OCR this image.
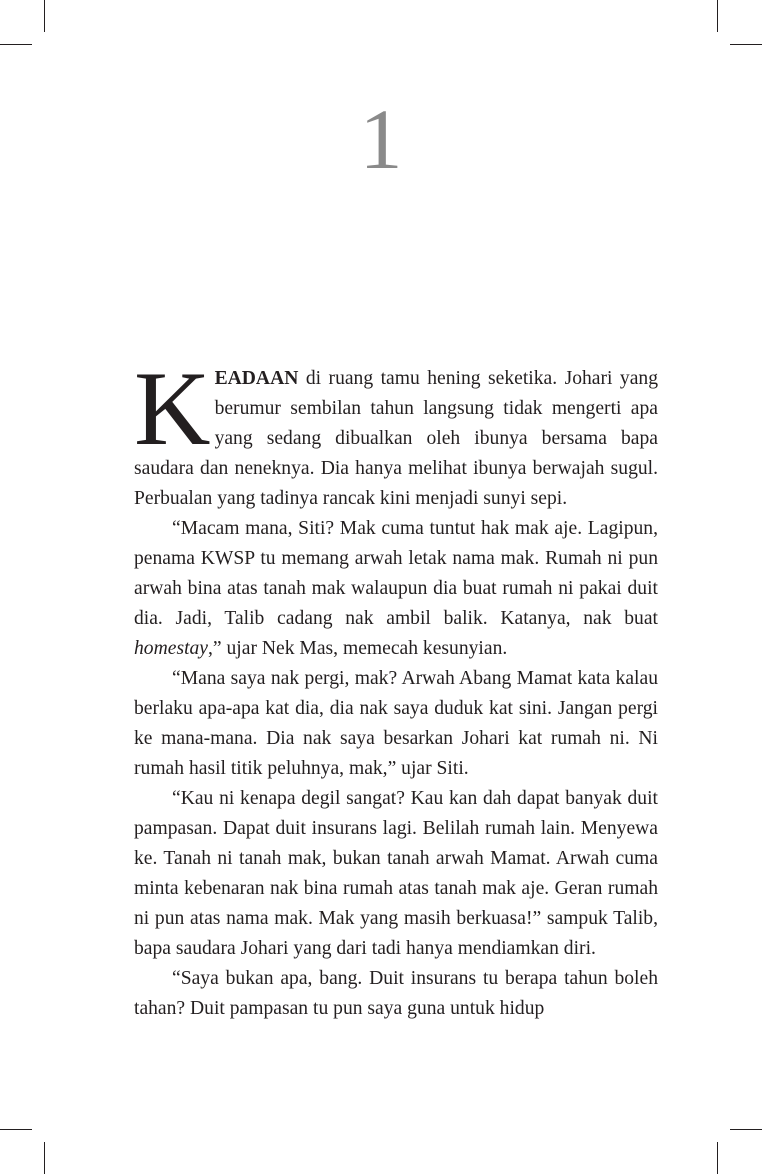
1

KEADAAN di ruang tamu hening seketika. Johari yang berumur sembilan tahun langsung tidak mengerti apa yang sedang dibualkan oleh ibunya bersama bapa saudara dan neneknya. Dia hanya melihat ibunya berwajah sugul. Perbualan yang tadinya rancak kini menjadi sunyi sepi.

“Macam mana, Siti? Mak cuma tuntut hak mak aje. Lagipun, penama KWSP tu memang arwah letak nama mak. Rumah ni pun arwah bina atas tanah mak walaupun dia buat rumah ni pakai duit dia. Jadi, Talib cadang nak ambil balik. Katanya, nak buat homestay,” ujar Nek Mas, memecah kesunyian.

“Mana saya nak pergi, mak? Arwah Abang Mamat kata kalau berlaku apa-apa kat dia, dia nak saya duduk kat sini. Jangan pergi ke mana-mana. Dia nak saya besarkan Johari kat rumah ni. Ni rumah hasil titik peluhnya, mak,” ujar Siti.

“Kau ni kenapa degil sangat? Kau kan dah dapat banyak duit pampasan. Dapat duit insurans lagi. Belilah rumah lain. Menyewa ke. Tanah ni tanah mak, bukan tanah arwah Mamat. Arwah cuma minta kebenaran nak bina rumah atas tanah mak aje. Geran rumah ni pun atas nama mak. Mak yang masih berkuasa!” sampuk Talib, bapa saudara Johari yang dari tadi hanya mendiamkan diri.

“Saya bukan apa, bang. Duit insurans tu berapa tahun boleh tahan? Duit pampasan tu pun saya guna untuk hidup
